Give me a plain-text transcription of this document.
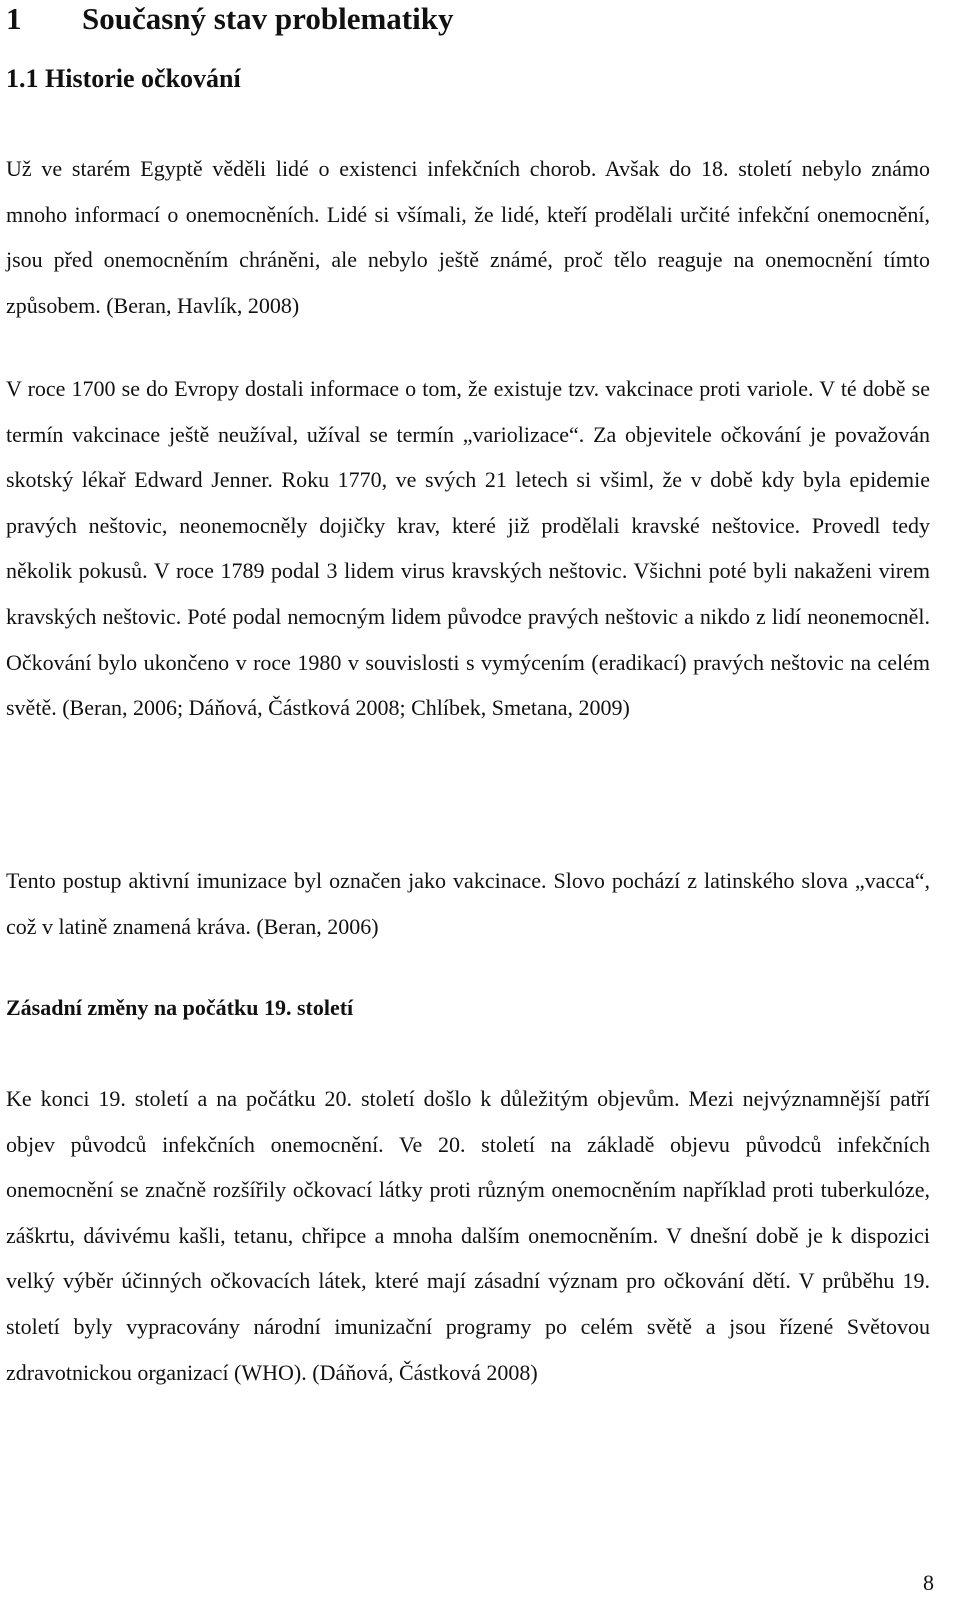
1 Současný stav problematiky
1.1 Historie očkování

Už ve starém Egyptě věděli lidé o existenci infekčních chorob. Avšak do 18. století nebylo známo mnoho informací o onemocněních. Lidé si všímali, že lidé, kteří prodělali určité infekční onemocnění, jsou před onemocněním chráněni, ale nebylo ještě známé, proč tělo reaguje na onemocnění tímto způsobem. (Beran, Havlík, 2008)

V roce 1700 se do Evropy dostali informace o tom, že existuje tzv. vakcinace proti variole. V té době se termín vakcinace ještě neužíval, užíval se termín „variolizace“. Za objevitele očkování je považován skotský lékař Edward Jenner. Roku 1770, ve svých 21 letech si všiml, že v době kdy byla epidemie pravých neštovic, neonemocněly dojičky krav, které již prodělali kravské neštovice. Provedl tedy několik pokusů. V roce 1789 podal 3 lidem virus kravských neštovic. Všichni poté byli nakaženi virem kravských neštovic. Poté podal nemocným lidem původce pravých neštovic a nikdo z lidí neonemocněl. Očkování bylo ukončeno v roce 1980 v souvislosti s vymýcením (eradikací) pravých neštovic na celém světě. (Beran, 2006; Dáňová, Částková 2008; Chlíbek, Smetana, 2009)

Tento postup aktivní imunizace byl označen jako vakcinace. Slovo pochází z latinského slova „vacca“, což v latině znamená kráva. (Beran, 2006)

Zásadní změny na počátku 19. století

Ke konci 19. století a na počátku 20. století došlo k důležitým objevům. Mezi nejvýznamnější patří objev původců infekčních onemocnění. Ve 20. století na základě objevu původců infekčních onemocnění se značně rozšířily očkovací látky proti různým onemocněním například proti tuberkulóze, záškrtu, dávivému kašli, tetanu, chřipce a mnoha dalším onemocněním. V dnešní době je k dispozici velký výběr účinných očkovacích látek, které mají zásadní význam pro očkování dětí. V průběhu 19. století byly vypracovány národní imunizační programy po celém světě a jsou řízené Světovou zdravotnickou organizací (WHO). (Dáňová, Částková 2008)

8
